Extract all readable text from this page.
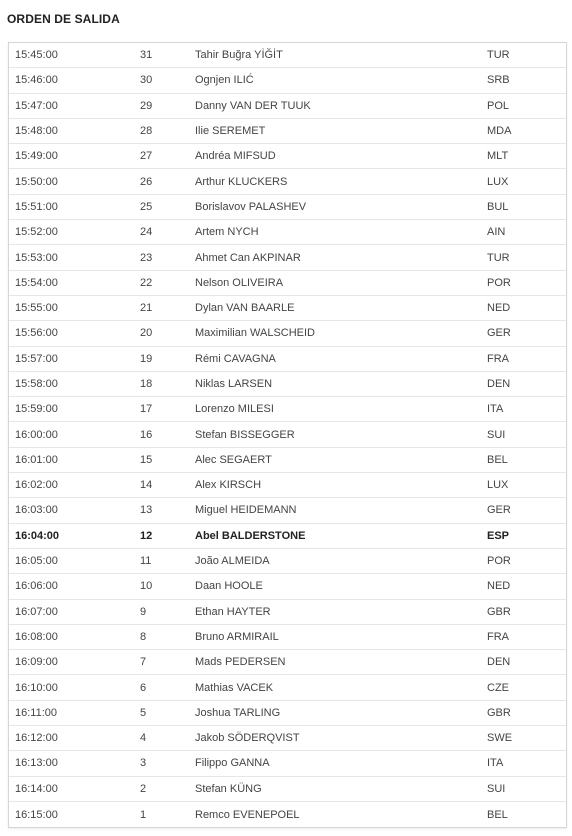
ORDEN DE SALIDA
15:45:00	31	Tahir Buğra YİĞİT	TUR
15:46:00	30	Ognjen ILIĆ	SRB
15:47:00	29	Danny VAN DER TUUK	POL
15:48:00	28	Ilie SEREMET	MDA
15:49:00	27	Andréa MIFSUD	MLT
15:50:00	26	Arthur KLUCKERS	LUX
15:51:00	25	Borislavov PALASHEV	BUL
15:52:00	24	Artem NYCH	AIN
15:53:00	23	Ahmet Can AKPINAR	TUR
15:54:00	22	Nelson OLIVEIRA	POR
15:55:00	21	Dylan VAN BAARLE	NED
15:56:00	20	Maximilian WALSCHEID	GER
15:57:00	19	Rémi CAVAGNA	FRA
15:58:00	18	Niklas LARSEN	DEN
15:59:00	17	Lorenzo MILESI	ITA
16:00:00	16	Stefan BISSEGGER	SUI
16:01:00	15	Alec SEGAERT	BEL
16:02:00	14	Alex KIRSCH	LUX
16:03:00	13	Miguel HEIDEMANN	GER
16:04:00	12	Abel BALDERSTONE	ESP
16:05:00	11	João ALMEIDA	POR
16:06:00	10	Daan HOOLE	NED
16:07:00	9	Ethan HAYTER	GBR
16:08:00	8	Bruno ARMIRAIL	FRA
16:09:00	7	Mads PEDERSEN	DEN
16:10:00	6	Mathias VACEK	CZE
16:11:00	5	Joshua TARLING	GBR
16:12:00	4	Jakob SÖDERQVIST	SWE
16:13:00	3	Filippo GANNA	ITA
16:14:00	2	Stefan KÜNG	SUI
16:15:00	1	Remco EVENEPOEL	BEL
